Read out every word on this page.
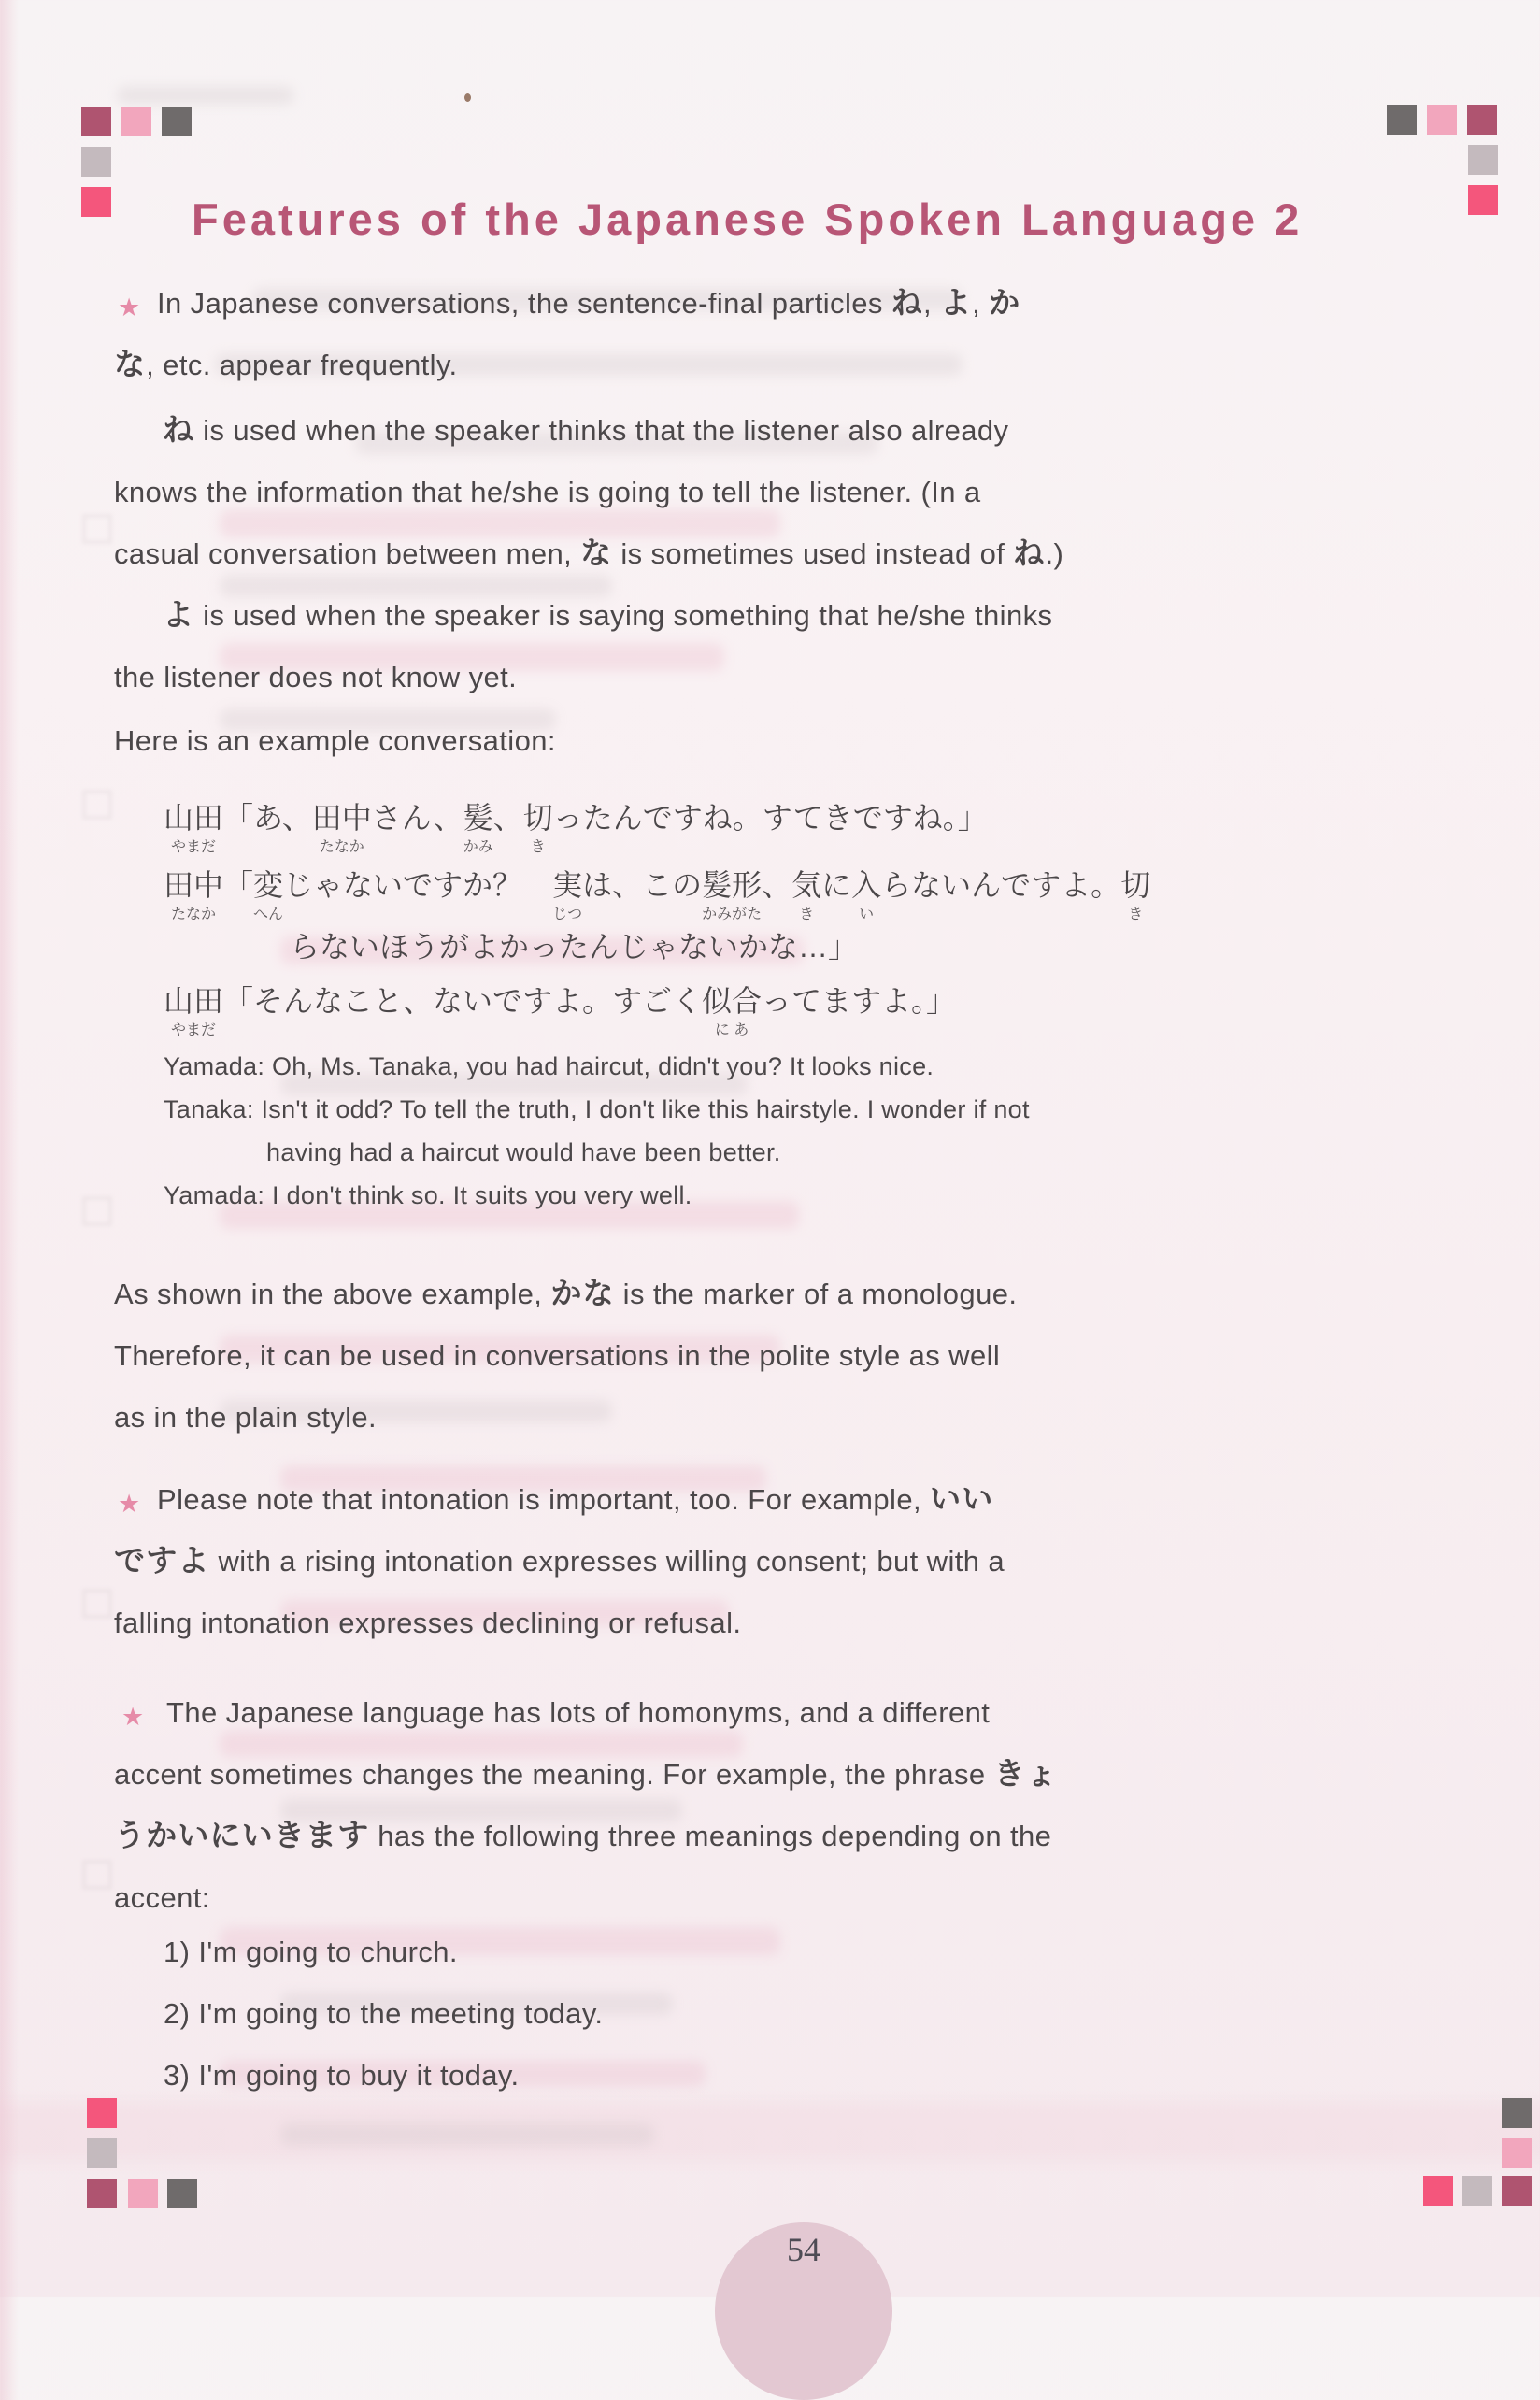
Features of the Japanese Spoken Language 2
★ In Japanese conversations, the sentence-final particles ね, よ, か
な, etc. appear frequently.
ね is used when the speaker thinks that the listener also already
knows the information that he/she is going to tell the listener. (In a
casual conversation between men, な is sometimes used instead of ね.)
よ is used when the speaker is saying something that he/she thinks
the listener does not know yet.
Here is an example conversation:
山田
やまだ
「あ、 田中
たなか
さん、 髪
かみ
、 切
き
ったんですね。すてきですね。」
田中
たなか
「 変
へん
じゃないですか？　 実
じつ
は、この 髪形
かみがた
、 気
き
に 入
い
らないんですよ。 切
き
らないほうがよかったんじゃないかな…」
山田
やまだ
「そんなこと、ないですよ。すごく 似合
に あ
ってますよ。」
Yamada: Oh, Ms. Tanaka, you had haircut, didn't you? It looks nice.
Tanaka: Isn't it odd? To tell the truth, I don't like this hairstyle. I wonder if not
having had a haircut would have been better.
Yamada: I don't think so. It suits you very well.
As shown in the above example, かな is the marker of a monologue.
Therefore, it can be used in conversations in the polite style as well
as in the plain style.
★ Please note that intonation is important, too. For example, いい
ですよ with a rising intonation expresses willing consent; but with a
falling intonation expresses declining or refusal.
★ The Japanese language has lots of homonyms, and a different
accent sometimes changes the meaning. For example, the phrase きょ
うかいにいきます has the following three meanings depending on the
accent:
1) I'm going to church.
2) I'm going to the meeting today.
3) I'm going to buy it today.
54
